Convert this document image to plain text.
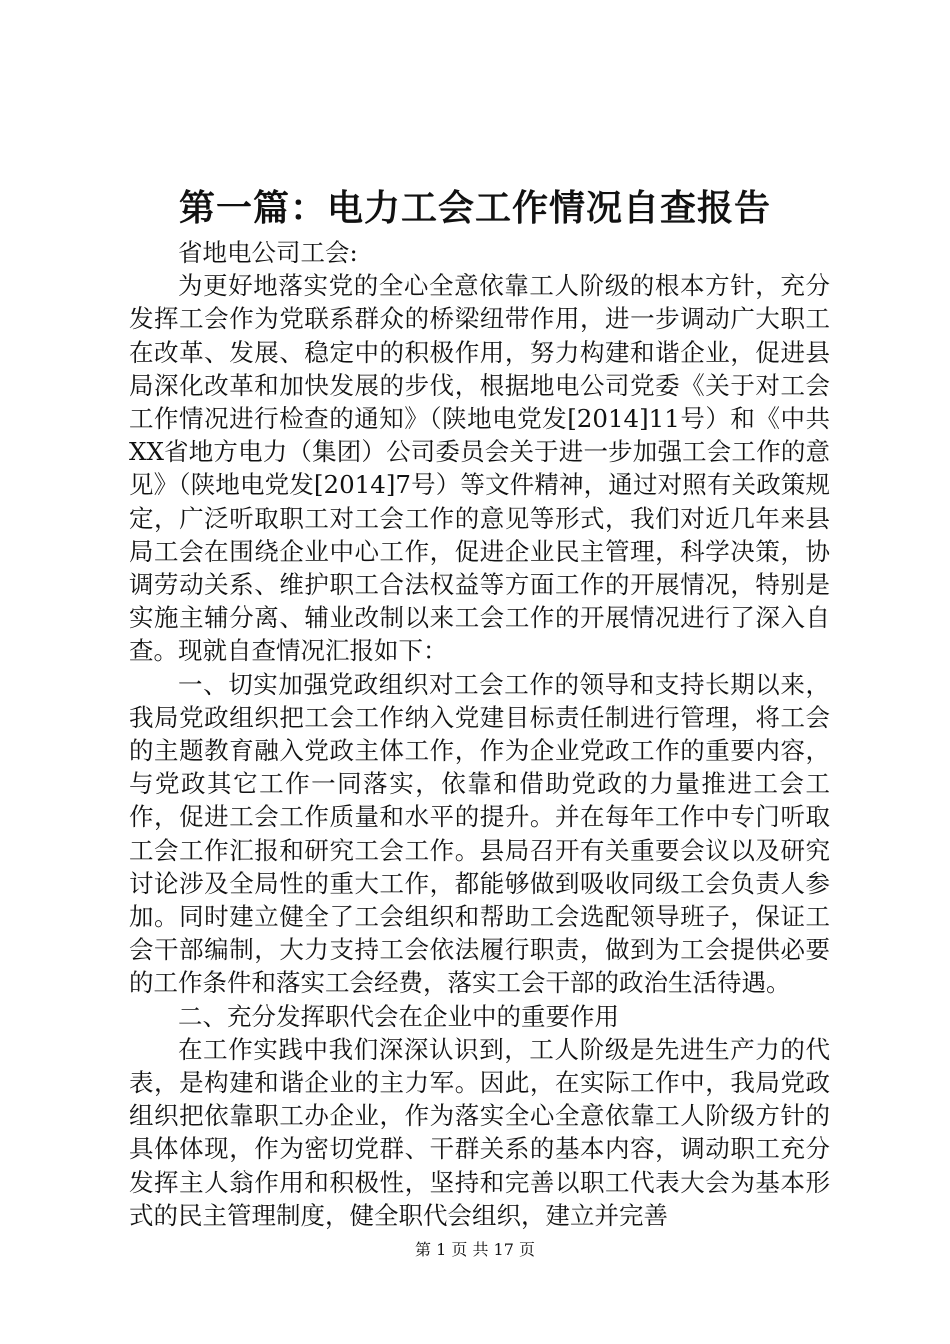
第一篇：电力工会工作情况自查报告

省地电公司工会:

为更好地落实党的全心全意依靠工人阶级的根本方针，充分发挥工会作为党联系群众的桥梁纽带作用，进一步调动广大职工在改革、发展、稳定中的积极作用，努力构建和谐企业，促进县局深化改革和加快发展的步伐，根据地电公司党委《关于对工会工作情况进行检查的通知》（陕地电党发[2014]11号）和《中共XX省地方电力（集团）公司委员会关于进一步加强工会工作的意见》（陕地电党发[2014]7号）等文件精神，通过对照有关政策规定，广泛听取职工对工会工作的意见等形式，我们对近几年来县局工会在围绕企业中心工作，促进企业民主管理，科学决策，协调劳动关系、维护职工合法权益等方面工作的开展情况，特别是实施主辅分离、辅业改制以来工会工作的开展情况进行了深入自查。现就自查情况汇报如下：

一、切实加强党政组织对工会工作的领导和支持长期以来，我局党政组织把工会工作纳入党建目标责任制进行管理，将工会的主题教育融入党政主体工作，作为企业党政工作的重要内容，与党政其它工作一同落实，依靠和借助党政的力量推进工会工作，促进工会工作质量和水平的提升。并在每年工作中专门听取工会工作汇报和研究工会工作。县局召开有关重要会议以及研究讨论涉及全局性的重大工作，都能够做到吸收同级工会负责人参加。同时建立健全了工会组织和帮助工会选配领导班子，保证工会干部编制，大力支持工会依法履行职责，做到为工会提供必要的工作条件和落实工会经费，落实工会干部的政治生活待遇。

二、充分发挥职代会在企业中的重要作用

在工作实践中我们深深认识到，工人阶级是先进生产力的代表，是构建和谐企业的主力军。因此，在实际工作中，我局党政组织把依靠职工办企业，作为落实全心全意依靠工人阶级方针的具体体现，作为密切党群、干群关系的基本内容，调动职工充分发挥主人翁作用和积极性，坚持和完善以职工代表大会为基本形式的民主管理制度，健全职代会组织，建立并完善

第 1 页 共 17 页
